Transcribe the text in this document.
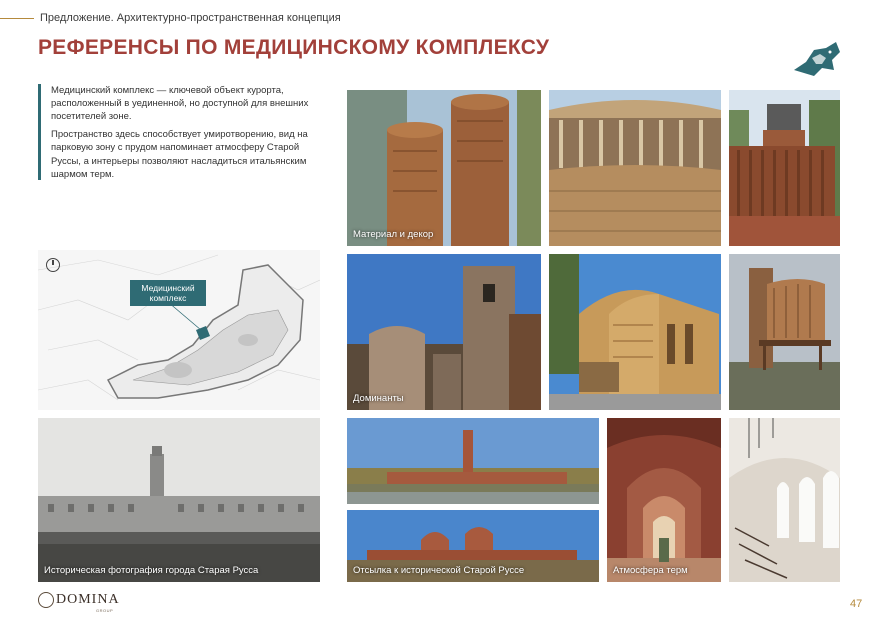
Предложение. Архитектурно-пространственная концепция
РЕФЕРЕНСЫ ПО МЕДИЦИНСКОМУ КОМПЛЕКСУ

Медицинский комплекс — ключевой объект курорта, расположенный в уединенной, но доступной для внешних посетителей зоне.

Пространство здесь способствует умиротворению, вид на парковую зону с прудом напоминает атмосферу Старой Руссы, а интерьеры позволяют насладиться итальянским шармом терм.

Медицинский комплекс
Историческая фотография города Старая Русса
Материал и декор
Доминанты
Отсылка к исторической Старой Руссе	Атмосфера терм
DOMINA
GROUP
47
